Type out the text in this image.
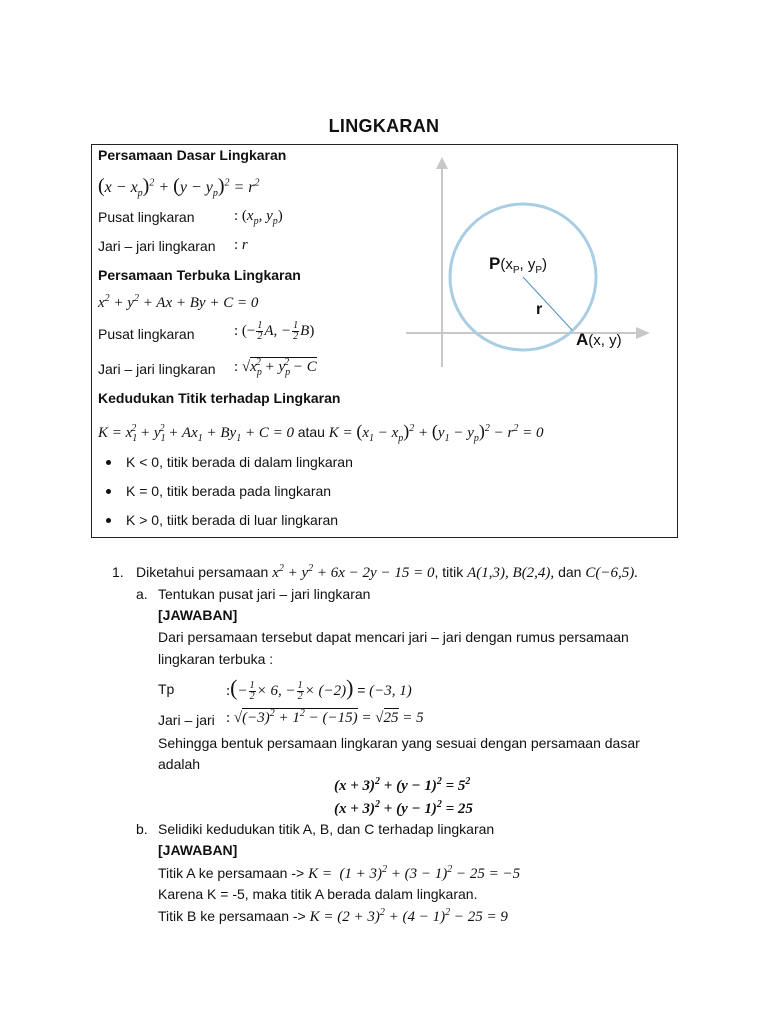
LINGKARAN
Persamaan Dasar Lingkaran
$(x - x_p)^2 + (y - y_p)^2 = r^2$
Pusat lingkaran	: ($x_p$, $y_p$)
Jari – jari lingkaran : r
Persamaan Terbuka Lingkaran
$x^2 + y^2 + Ax + By + C = 0$
Pusat lingkaran	: (− $\frac{1}{2} A$, − $\frac{1}{2} B$)
Jari – jari lingkaran : $√x_p^2 + y_p^2 - C$
Kedudukan Titik terhadap Lingkaran
$K = x_1^2 + y_1^2 + Ax_1 + By_1 + C = 0$ atau $K = (x_1 - x_p)^2 + (y_1 - y_p)^2 - r^2 = 0$
K < 0, titik berada di dalam lingkaran
K = 0, titik berada pada lingkaran
K > 0, tiitk berada di luar lingkaran
$P(x_P$, $y_P$)
r
A(x, y)
1. Diketahui persamaan $x^2 + y^2 + 6x - 2y - 15 = 0$, titik A(1,3), B(2,4), dan C(−6,5).
a. Tentukan pusat jari – jari lingkaran
[JAWABAN]
Dari persamaan tersebut dapat mencari jari – jari dengan rumus persamaan
lingkaran terbuka :
Tp	:(− $\frac{1}{2} \times 6$, − $\frac{1}{2} \times (-2)) = (-3$, 1)
Jari – jari : $√(-3)^2 + 1^2 - (-15) = √25 = 5$
Sehingga bentuk persamaan lingkaran yang sesuai dengan persamaan dasar
adalah
$(x + 3)^2 + (y - 1)^2 = 5^2$
$(x + 3)^2 + (y - 1)^2 = 25$
b. Selidiki kedudukan titik A, B, dan C terhadap lingkaran
[JAWABAN]
Titik A ke persamaan -> $K = (1 + 3)^2 + (3 - 1)^2 - 25 = -5$
Karena K = -5, maka titik A berada dalam lingkaran.
Titik B ke persamaan -> $K = (2 + 3)^2 + (4 - 1)^2 - 25 = 9$
